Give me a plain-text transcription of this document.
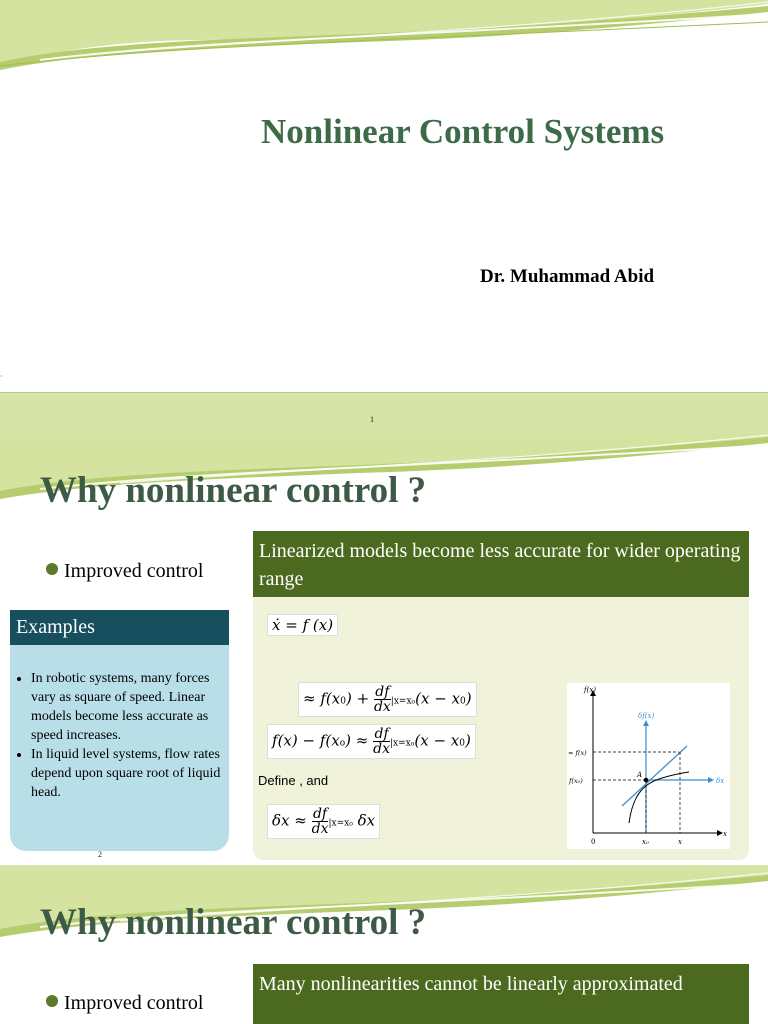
Nonlinear Control Systems
Dr. Muhammad Abid
·
1
Why nonlinear control ?
Improved control
Examples
• In robotic systems, many forces vary as square of speed. Linear models become less accurate as speed increases.
• In liquid level systems, flow rates depend upon square root of liquid head.
2
Linearized models become less accurate for wider operating range
ẋ = f (x)
≈ $f(x0) + \frac{df}{dx} |x=x_0(x - x0)$
$f(x) - f(xo) \approx \frac{df}{dx} |x=x_0(x - x0)$
Define , and
$\delta x \approx \frac{df}{dx} |x=x_0$ δx
f(x)
δf(x)
δx
x
≈ f(x)
f(x₀)
A
0	x₀	x
Why nonlinear control ?
Improved control
Many nonlinearities cannot be linearly approximated
